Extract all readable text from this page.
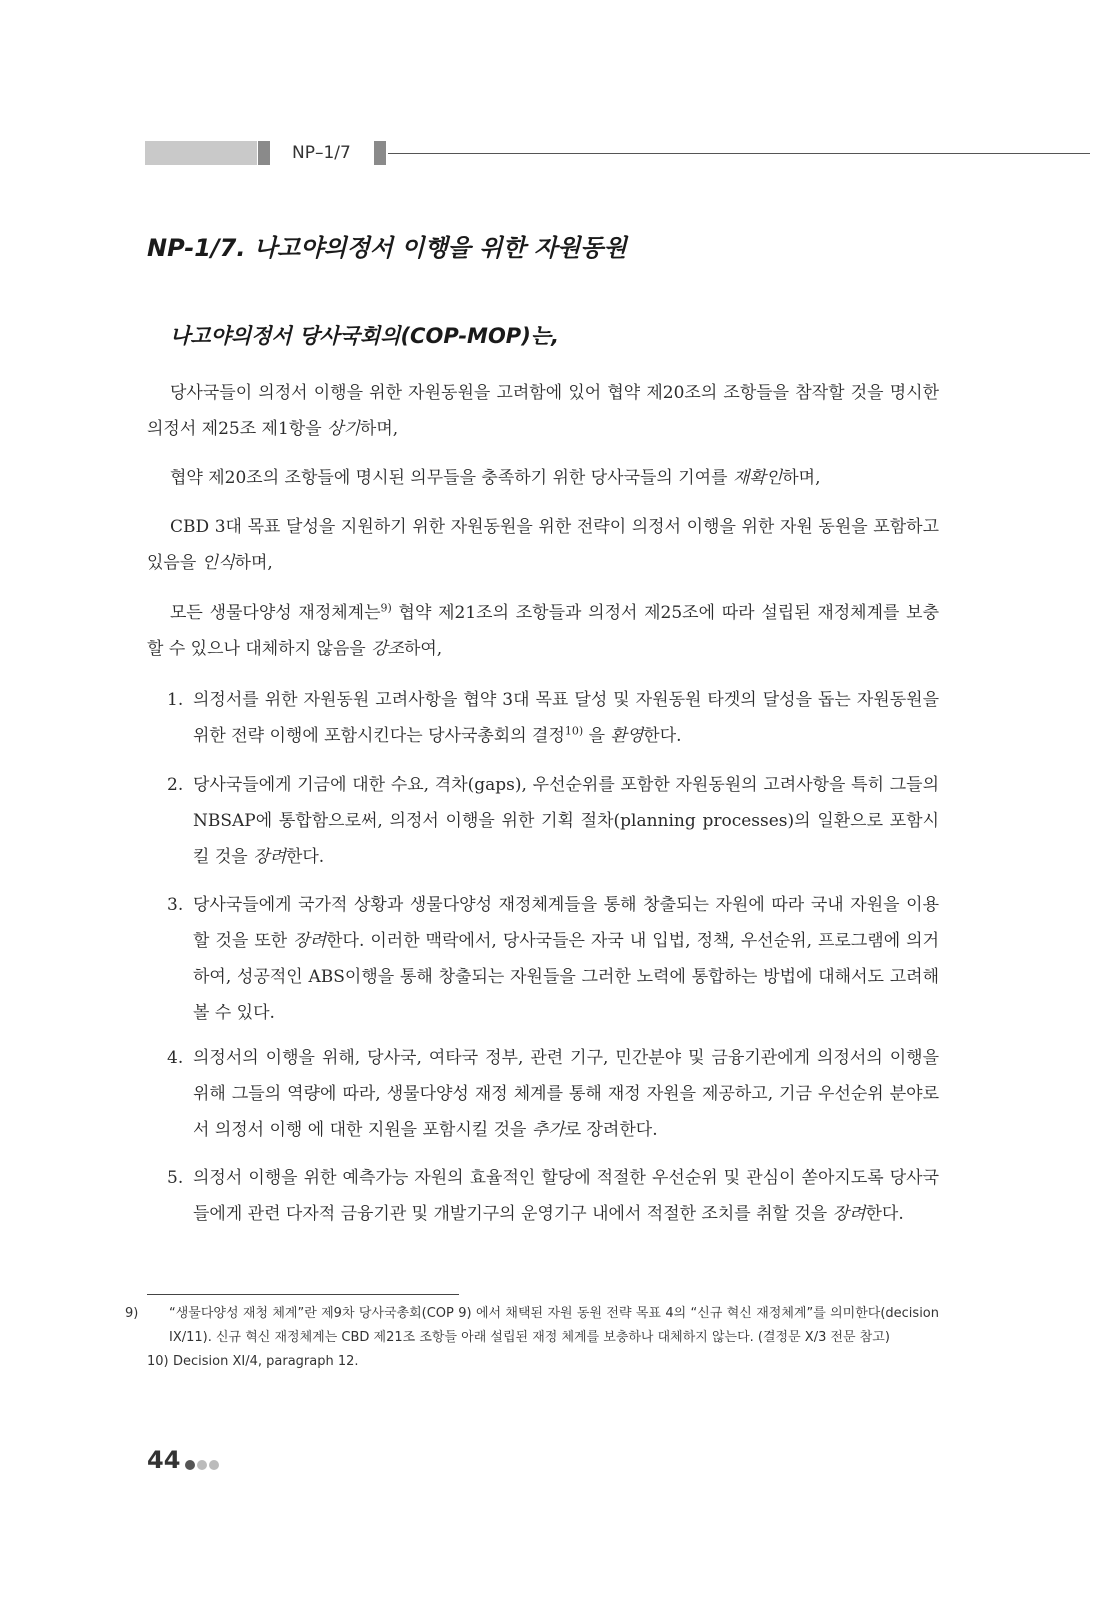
NP–1/7
NP-1/7. 나고야의정서 이행을 위한 자원동원
나고야의정서 당사국회의(COP-MOP)는,

당사국들이 의정서 이행을 위한 자원동원을 고려함에 있어 협약 제20조의 조항들을 참작할 것을 명시한 의정서 제25조 제1항을 상기하며,

협약 제20조의 조항들에 명시된 의무들을 충족하기 위한 당사국들의 기여를 재확인하며,

CBD 3대 목표 달성을 지원하기 위한 자원동원을 위한 전략이 의정서 이행을 위한 자원 동원을 포함하고 있음을 인식하며,

모든 생물다양성 재정체계는$^{9)}$ 협약 제21조의 조항들과 의정서 제25조에 따라 설립된 재정체계를 보충할 수 있으나 대체하지 않음을 강조하여,

1. 의정서를 위한 자원동원 고려사항을 협약 3대 목표 달성 및 자원동원 타겟의 달성을 돕는 자원동원을 위한 전략 이행에 포함시킨다는 당사국총회의 결정$^{10)}$ 을 환영한다.
2. 당사국들에게 기금에 대한 수요, 격차(gaps), 우선순위를 포함한 자원동원의 고려사항을 특히 그들의 NBSAP에 통합함으로써, 의정서 이행을 위한 기획 절차(planning processes)의 일환으로 포함시킬 것을 장려한다.
3. 당사국들에게 국가적 상황과 생물다양성 재정체계들을 통해 창출되는 자원에 따라 국내 자원을 이용할 것을 또한 장려한다. 이러한 맥락에서, 당사국들은 자국 내 입법, 정책, 우선순위, 프로그램에 의거하여, 성공적인 ABS이행을 통해 창출되는 자원들을 그러한 노력에 통합하는 방법에 대해서도 고려해 볼 수 있다.
4. 의정서의 이행을 위해, 당사국, 여타국 정부, 관련 기구, 민간분야 및 금융기관에게 의정서의 이행을 위해 그들의 역량에 따라, 생물다양성 재정 체계를 통해 재정 자원을 제공하고, 기금 우선순위 분야로서 의정서 이행 에 대한 지원을 포함시킬 것을 추가로 장려한다.
5. 의정서 이행을 위한 예측가능 자원의 효율적인 할당에 적절한 우선순위 및 관심이 쏟아지도록 당사국들에게 관련 다자적 금융기관 및 개발기구의 운영기구 내에서 적절한 조치를 취할 것을 장려한다.

9) “생물다양성 재청 체계”란 제9차 당사국총회(COP 9) 에서 채택된 자원 동원 전략 목표 4의 “신규 혁신 재정체계”를 의미한다(decision IX/11). 신규 혁신 재정체계는 CBD 제21조 조항들 아래 설립된 재정 체계를 보충하나 대체하지 않는다. (결정문 X/3 전문 참고)

10) Decision XI/4, paragraph 12.

44
